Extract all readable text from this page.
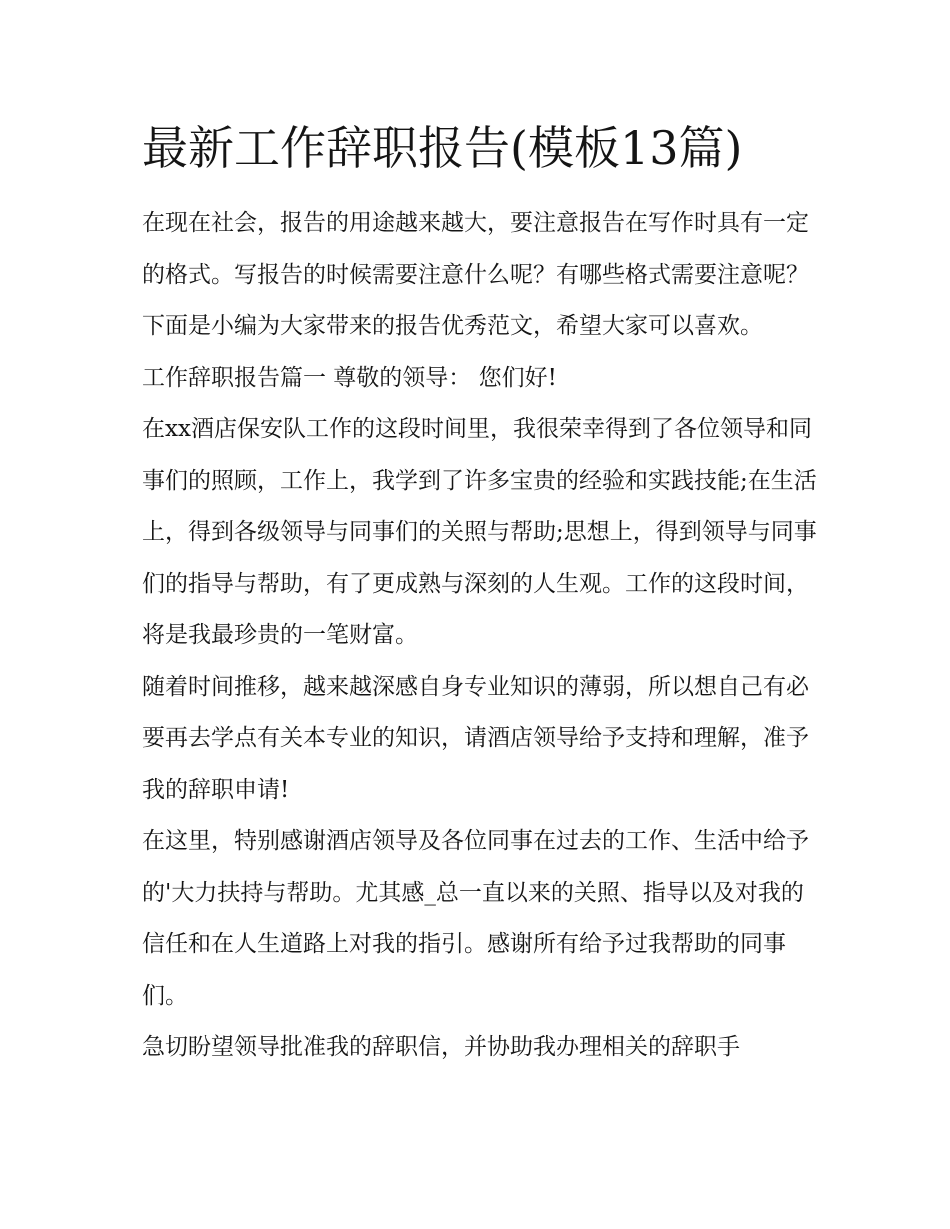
最新工作辞职报告(模板13篇)

在现在社会，报告的用途越来越大，要注意报告在写作时具有一定的格式。写报告的时候需要注意什么呢？有哪些格式需要注意呢？下面是小编为大家带来的报告优秀范文，希望大家可以喜欢。

工作辞职报告篇一 尊敬的领导： 您们好!

在xx酒店保安队工作的这段时间里，我很荣幸得到了各位领导和同事们的照顾，工作上，我学到了许多宝贵的经验和实践技能;在生活上，得到各级领导与同事们的关照与帮助;思想上，得到领导与同事们的指导与帮助，有了更成熟与深刻的人生观。工作的这段时间，将是我最珍贵的一笔财富。

随着时间推移，越来越深感自身专业知识的薄弱，所以想自己有必要再去学点有关本专业的知识，请酒店领导给予支持和理解，准予我的辞职申请!

在这里，特别感谢酒店领导及各位同事在过去的工作、生活中给予的'大力扶持与帮助。尤其感_总一直以来的关照、指导以及对我的信任和在人生道路上对我的指引。感谢所有给予过我帮助的同事们。

急切盼望领导批准我的辞职信，并协助我办理相关的辞职手
